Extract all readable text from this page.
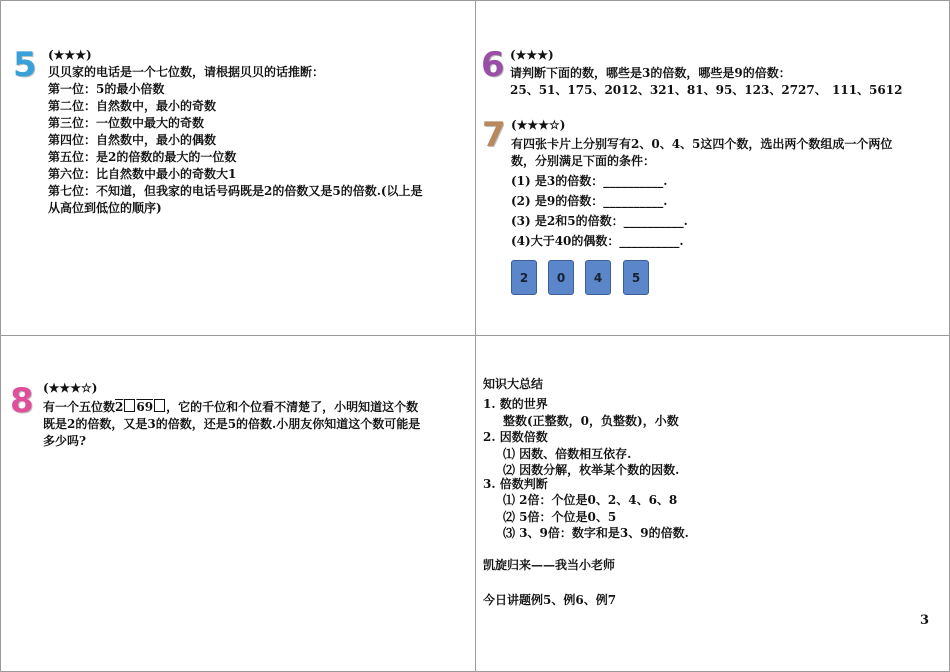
5 (★★★)
贝贝家的电话是一个七位数，请根据贝贝的话推断：
第一位：5的最小倍数
第二位：自然数中，最小的奇数
第三位：一位数中最大的奇数
第四位：自然数中，最小的偶数
第五位：是2的倍数的最大的一位数
第六位：比自然数中最小的奇数大1
第七位：不知道，但我家的电话号码既是2的倍数又是5的倍数.(以上是
从高位到低位的顺序)
6 (★★★)
请判断下面的数，哪些是3的倍数，哪些是9的倍数：
25、51、175、2012、321、81、95、123、2727、 111、5612
7 (★★★☆)
有四张卡片上分别写有2、0、4、5这四个数，选出两个数组成一个两位
数，分别满足下面的条件：
(1) 是3的倍数：__________.
(2) 是9的倍数：__________.
(3) 是2和5的倍数：__________.
(4)大于40的偶数：__________.
2	0	4	5
8 (★★★☆)
有一个五位数2 69 ，它的千位和个位看不清楚了，小明知道这个数
既是2的倍数，又是3的倍数，还是5的倍数.小朋友你知道这个数可能是
多少吗?
知识大总结
1. 数的世界
整数(正整数，0，负整数)，小数
2. 因数倍数
⑴ 因数、倍数相互依存.
⑵ 因数分解，枚举某个数的因数.
3. 倍数判断
⑴ 2倍：个位是0、2、4、6、8
⑵ 5倍：个位是0、5
⑶ 3、9倍：数字和是3、9的倍数.
凯旋归来——我当小老师
今日讲题例5、例6、例7
3
